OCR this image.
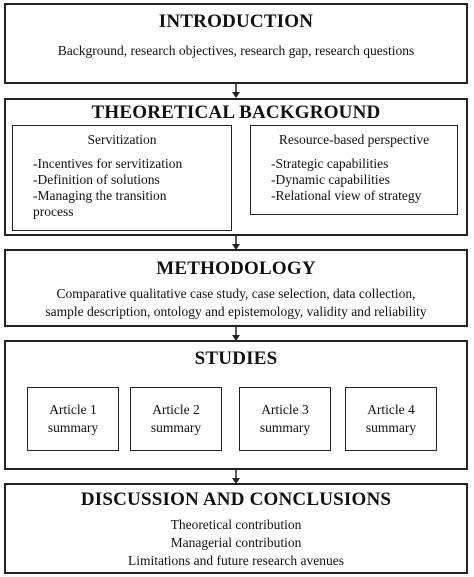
INTRODUCTION
Background, research objectives, research gap, research questions
THEORETICAL BACKGROUND
Servitization
-Incentives for servitization
-Definition of solutions
-Managing the transition
process
Resource-based perspective
-Strategic capabilities
-Dynamic capabilities
-Relational view of strategy
METHODOLOGY
Comparative qualitative case study, case selection, data collection,
sample description, ontology and epistemology, validity and reliability
STUDIES
Article 1
summary
Article 2
summary
Article 3
summary
Article 4
summary
DISCUSSION AND CONCLUSIONS
Theoretical contribution
Managerial contribution
Limitations and future research avenues
